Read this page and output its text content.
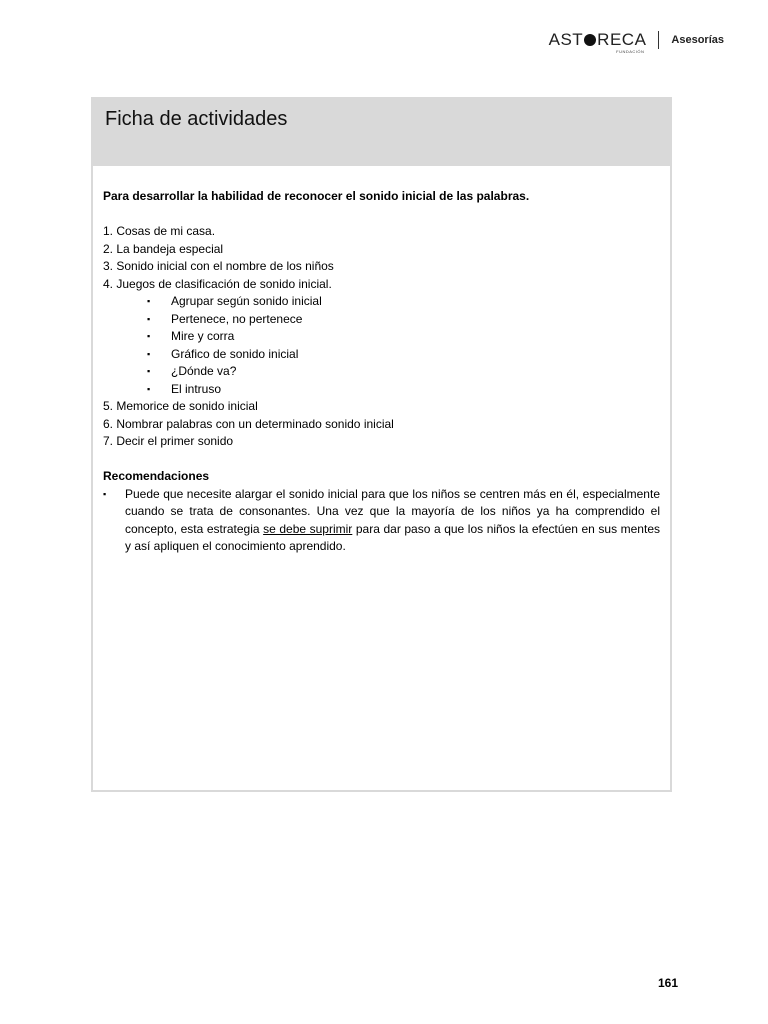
AST RECA
FUNDACIÓN
Asesorías
Ficha de actividades

Para desarrollar la habilidad de reconocer el sonido inicial de las palabras.

1. Cosas de mi casa.
2. La bandeja especial
3. Sonido inicial con el nombre de los niños
4. Juegos de clasificación de sonido inicial.
▪	Agrupar según sonido inicial
▪	Pertenece, no pertenece
▪	Mire y corra
▪	Gráfico de sonido inicial
▪	¿Dónde va?
▪	El intruso
5. Memorice de sonido inicial
6. Nombrar palabras con un determinado sonido inicial
7. Decir el primer sonido
Recomendaciones
▪	Puede que necesite alargar el sonido inicial para que los niños se centren más en él, especialmente cuando se trata de consonantes. Una vez que la mayoría de los niños ya ha comprendido el concepto, esta estrategia se debe suprimir para dar paso a que los niños la efectúen en sus mentes y así apliquen el conocimiento aprendido.
161
